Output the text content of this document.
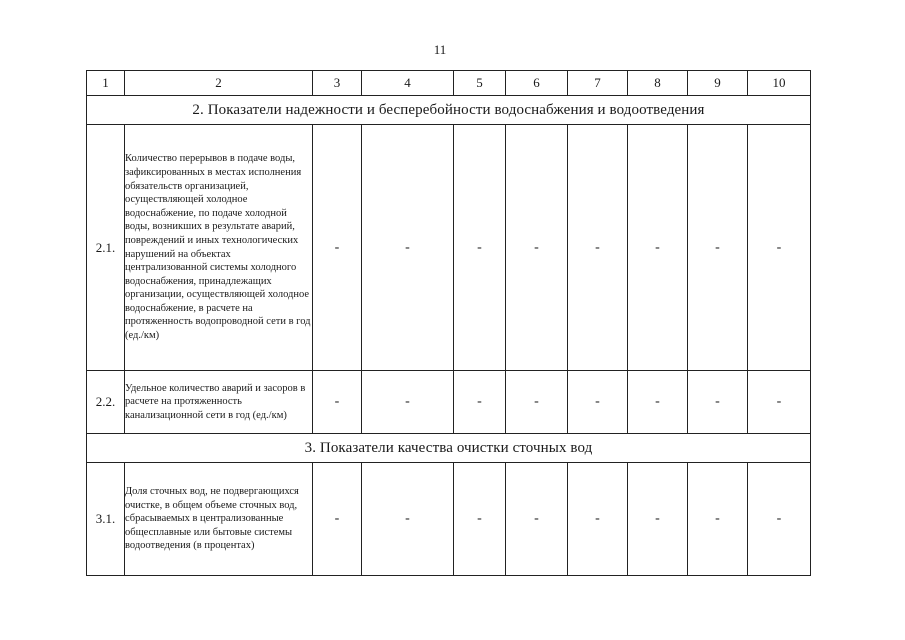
11
1	2	3	4	5	6	7	8	9	10
2. Показатели надежности и бесперебойности водоснабжения и водоотведения									
2.1.	Количество перерывов в подаче воды, зафиксированных в местах исполнения обязательств организацией, осуществляющей холодное водоснабжение, по подаче холодной воды, возникших в результате аварий, повреждений и иных технологических нарушений на объектах централизованной системы холодного водоснабжения, принадлежащих организации, осуществляющей холодное водоснабжение, в расчете на протяженность водопроводной сети в год (ед./км)	-	-	-	-	-	-	-	-
2.2.	Удельное количество аварий и засоров в расчете на протяженность канализационной сети в год (ед./км)	-	-	-	-	-	-	-	-
3. Показатели качества очистки сточных вод									
3.1.	Доля сточных вод, не подвергающихся очистке, в общем объеме сточных вод, сбрасываемых в централизованные общесплавные или бытовые системы водоотведения (в процентах)	-	-	-	-	-	-	-	-
